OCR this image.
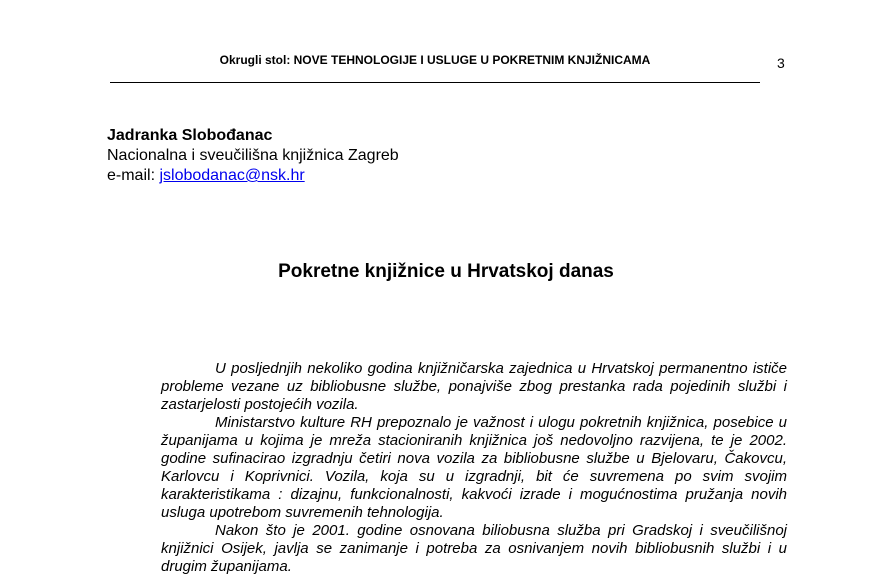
Okrugli stol: NOVE TEHNOLOGIJE I USLUGE U POKRETNIM KNJIŽNICAMA	3
Jadranka Slobođanac
Nacionalna i sveučilišna knjižnica Zagreb
e-mail: jslobodanac@nsk.hr
Pokretne knjižnice u Hrvatskoj danas

U posljednjih nekoliko godina knjižničarska zajednica u Hrvatskoj permanentno ističe probleme vezane uz bibliobusne službe, ponajviše zbog prestanka rada pojedinih službi i zastarjelosti postojećih vozila.

Ministarstvo kulture RH prepoznalo je važnost i ulogu pokretnih knjižnica, posebice u županijama u kojima je mreža stacioniranih knjižnica još nedovoljno razvijena, te je 2002. godine sufinacirao izgradnju četiri nova vozila za bibliobusne službe u Bjelovaru, Čakovcu, Karlovcu i Koprivnici. Vozila, koja su u izgradnji, bit će suvremena po svim svojim karakteristikama : dizajnu, funkcionalnosti, kakvoći izrade i mogućnostima pružanja novih usluga upotrebom suvremenih tehnologija.

Nakon što je 2001. godine osnovana biliobusna služba pri Gradskoj i sveučilišnoj knjižnici Osijek, javlja se zanimanje i potreba za osnivanjem novih bibliobusnih službi i u drugim županijama.
